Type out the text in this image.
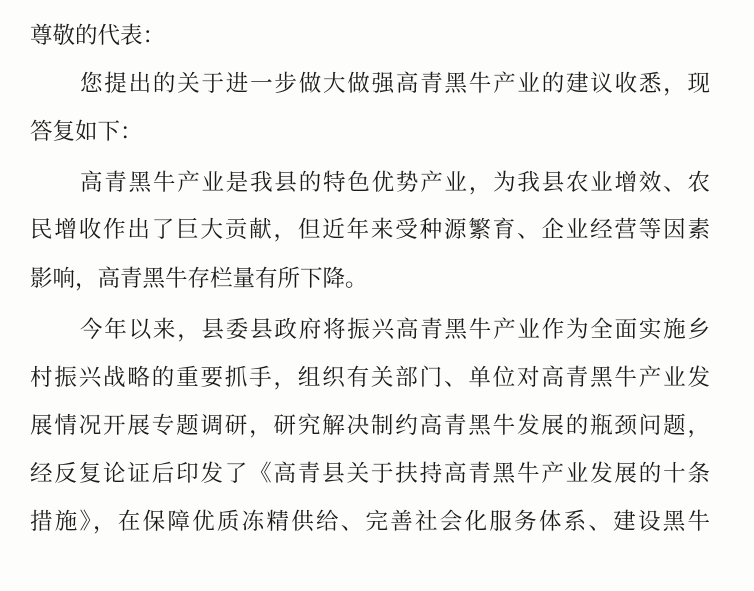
尊敬的代表：
您提出的关于进一步做大做强高青黑牛产业的建议收悉，现
答复如下：
高青黑牛产业是我县的特色优势产业，为我县农业增效、农
民增收作出了巨大贡献，但近年来受种源繁育、企业经营等因素
影响，高青黑牛存栏量有所下降。
今年以来，县委县政府将振兴高青黑牛产业作为全面实施乡
村振兴战略的重要抓手，组织有关部门、单位对高青黑牛产业发
展情况开展专题调研，研究解决制约高青黑牛发展的瓶颈问题，
经反复论证后印发了《高青县关于扶持高青黑牛产业发展的十条
措施》，在保障优质冻精供给、完善社会化服务体系、建设黑牛
